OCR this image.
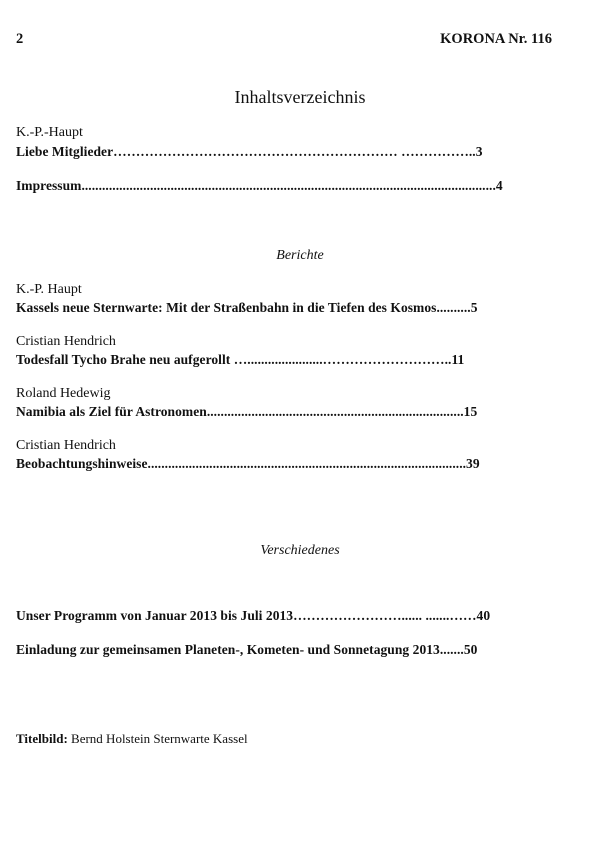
2	KORONA Nr. 116
Inhaltsverzeichnis
K.-P.-Haupt
Liebe Mitglieder……………………………………………………… ……………..3
Impressum.........................................................................................................................4
Berichte
K.-P. Haupt
Kassels neue Sternwarte: Mit der Straßenbahn in die Tiefen des Kosmos..........5
Cristian Hendrich
Todesfall Tycho Brahe neu aufgerollt …......................………………………..11
Roland Hedewig
Namibia als Ziel für Astronomen...........................................................................15
Cristian Hendrich
Beobachtungshinweise.............................................................................................39
Verschiedenes
Unser Programm von Januar 2013 bis Juli 2013……………………...... .......……40
Einladung zur gemeinsamen Planeten-, Kometen- und Sonnetagung 2013.......50
Titelbild: Bernd Holstein Sternwarte Kassel
